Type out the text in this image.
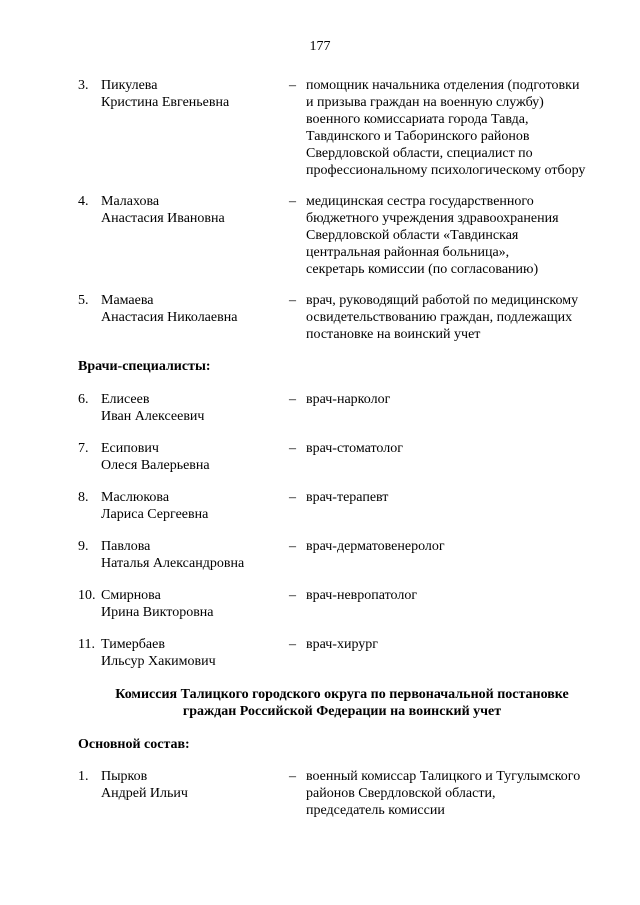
177
3. Пикулева
Кристина Евгеньевна
– помощник начальника отделения (подготовки
и призыва граждан на военную службу)
военного комиссариата города Тавда,
Тавдинского и Таборинского районов
Свердловской области, специалист по
профессиональному психологическому отбору
4. Малахова
Анастасия Ивановна
– медицинская сестра государственного
бюджетного учреждения здравоохранения
Свердловской области «Тавдинская
центральная районная больница»,
секретарь комиссии (по согласованию)
5. Мамаева
Анастасия Николаевна
– врач, руководящий работой по медицинскому
освидетельствованию граждан, подлежащих
постановке на воинский учет
Врачи-специалисты:
6. Елисеев
Иван Алексеевич
– врач-нарколог
7. Есипович
Олеся Валерьевна
– врач-стоматолог
8. Маслюкова
Лариса Сергеевна
– врач-терапевт
9. Павлова
Наталья Александровна
– врач-дерматовенеролог
10. Смирнова
Ирина Викторовна
– врач-невропатолог
11. Тимербаев
Ильсур Хакимович
– врач-хирург
Комиссия Талицкого городского округа по первоначальной постановке
граждан Российской Федерации на воинский учет
Основной состав:
1. Пырков
Андрей Ильич
– военный комиссар Талицкого и Тугулымского
районов Свердловской области,
председатель комиссии
